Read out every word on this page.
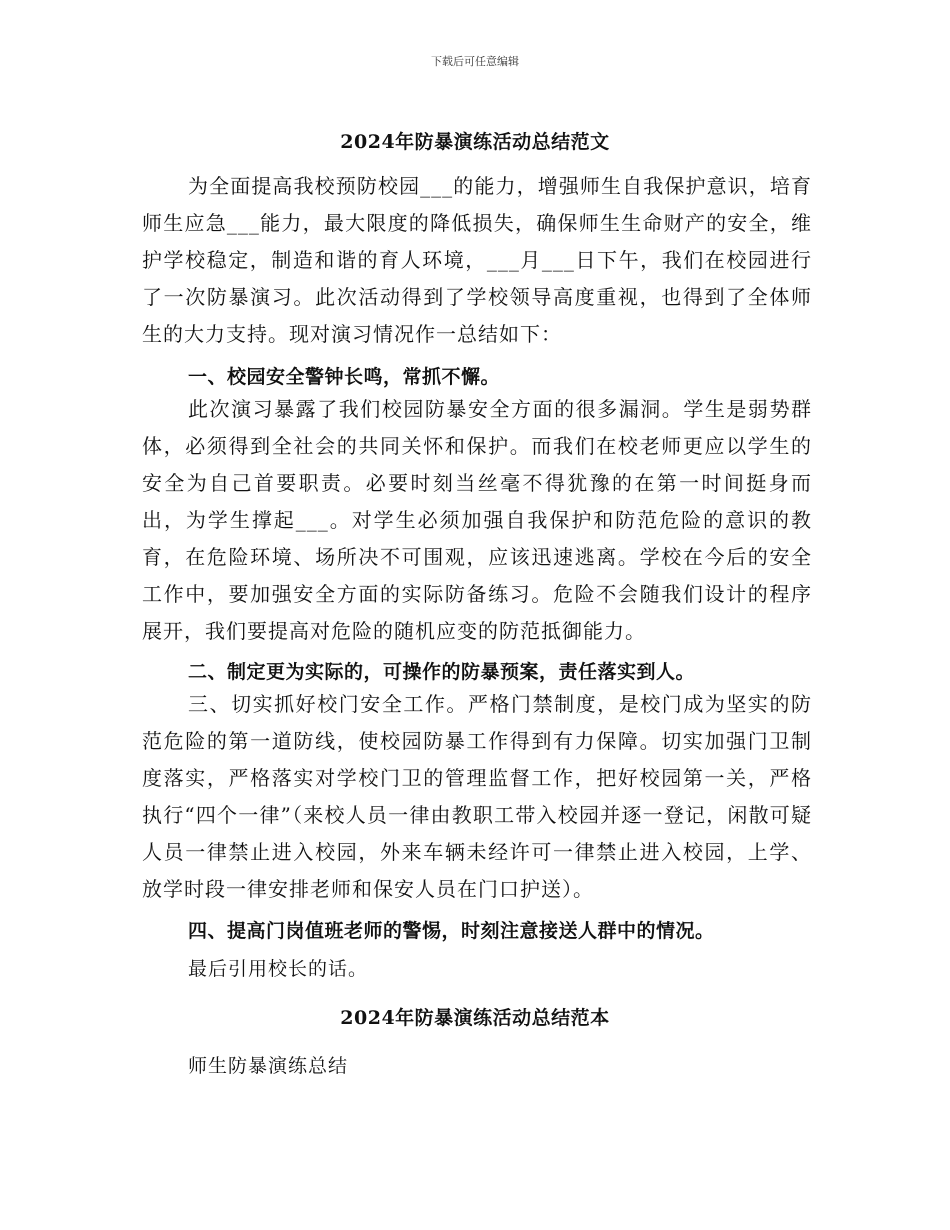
下载后可任意编辑
2024年防暴演练活动总结范文

为全面提高我校预防校园___的能力，增强师生自我保护意识，培育师生应急___能力，最大限度的降低损失，确保师生生命财产的安全，维护学校稳定，制造和谐的育人环境，___月___日下午，我们在校园进行了一次防暴演习。此次活动得到了学校领导高度重视，也得到了全体师生的大力支持。现对演习情况作一总结如下：

一、校园安全警钟长鸣，常抓不懈。

此次演习暴露了我们校园防暴安全方面的很多漏洞。学生是弱势群体，必须得到全社会的共同关怀和保护。而我们在校老师更应以学生的安全为自己首要职责。必要时刻当丝毫不得犹豫的在第一时间挺身而出，为学生撑起___。对学生必须加强自我保护和防范危险的意识的教育，在危险环境、场所决不可围观，应该迅速逃离。学校在今后的安全工作中，要加强安全方面的实际防备练习。危险不会随我们设计的程序展开，我们要提高对危险的随机应变的防范抵御能力。

二、制定更为实际的，可操作的防暴预案，责任落实到人。

三、切实抓好校门安全工作。严格门禁制度，是校门成为坚实的防范危险的第一道防线，使校园防暴工作得到有力保障。切实加强门卫制度落实，严格落实对学校门卫的管理监督工作，把好校园第一关，严格执行“四个一律”（来校人员一律由教职工带入校园并逐一登记，闲散可疑人员一律禁止进入校园，外来车辆未经许可一律禁止进入校园，上学、放学时段一律安排老师和保安人员在门口护送）。

四、提高门岗值班老师的警惕，时刻注意接送人群中的情况。
最后引用校长的话。
2024年防暴演练活动总结范本
师生防暴演练总结
